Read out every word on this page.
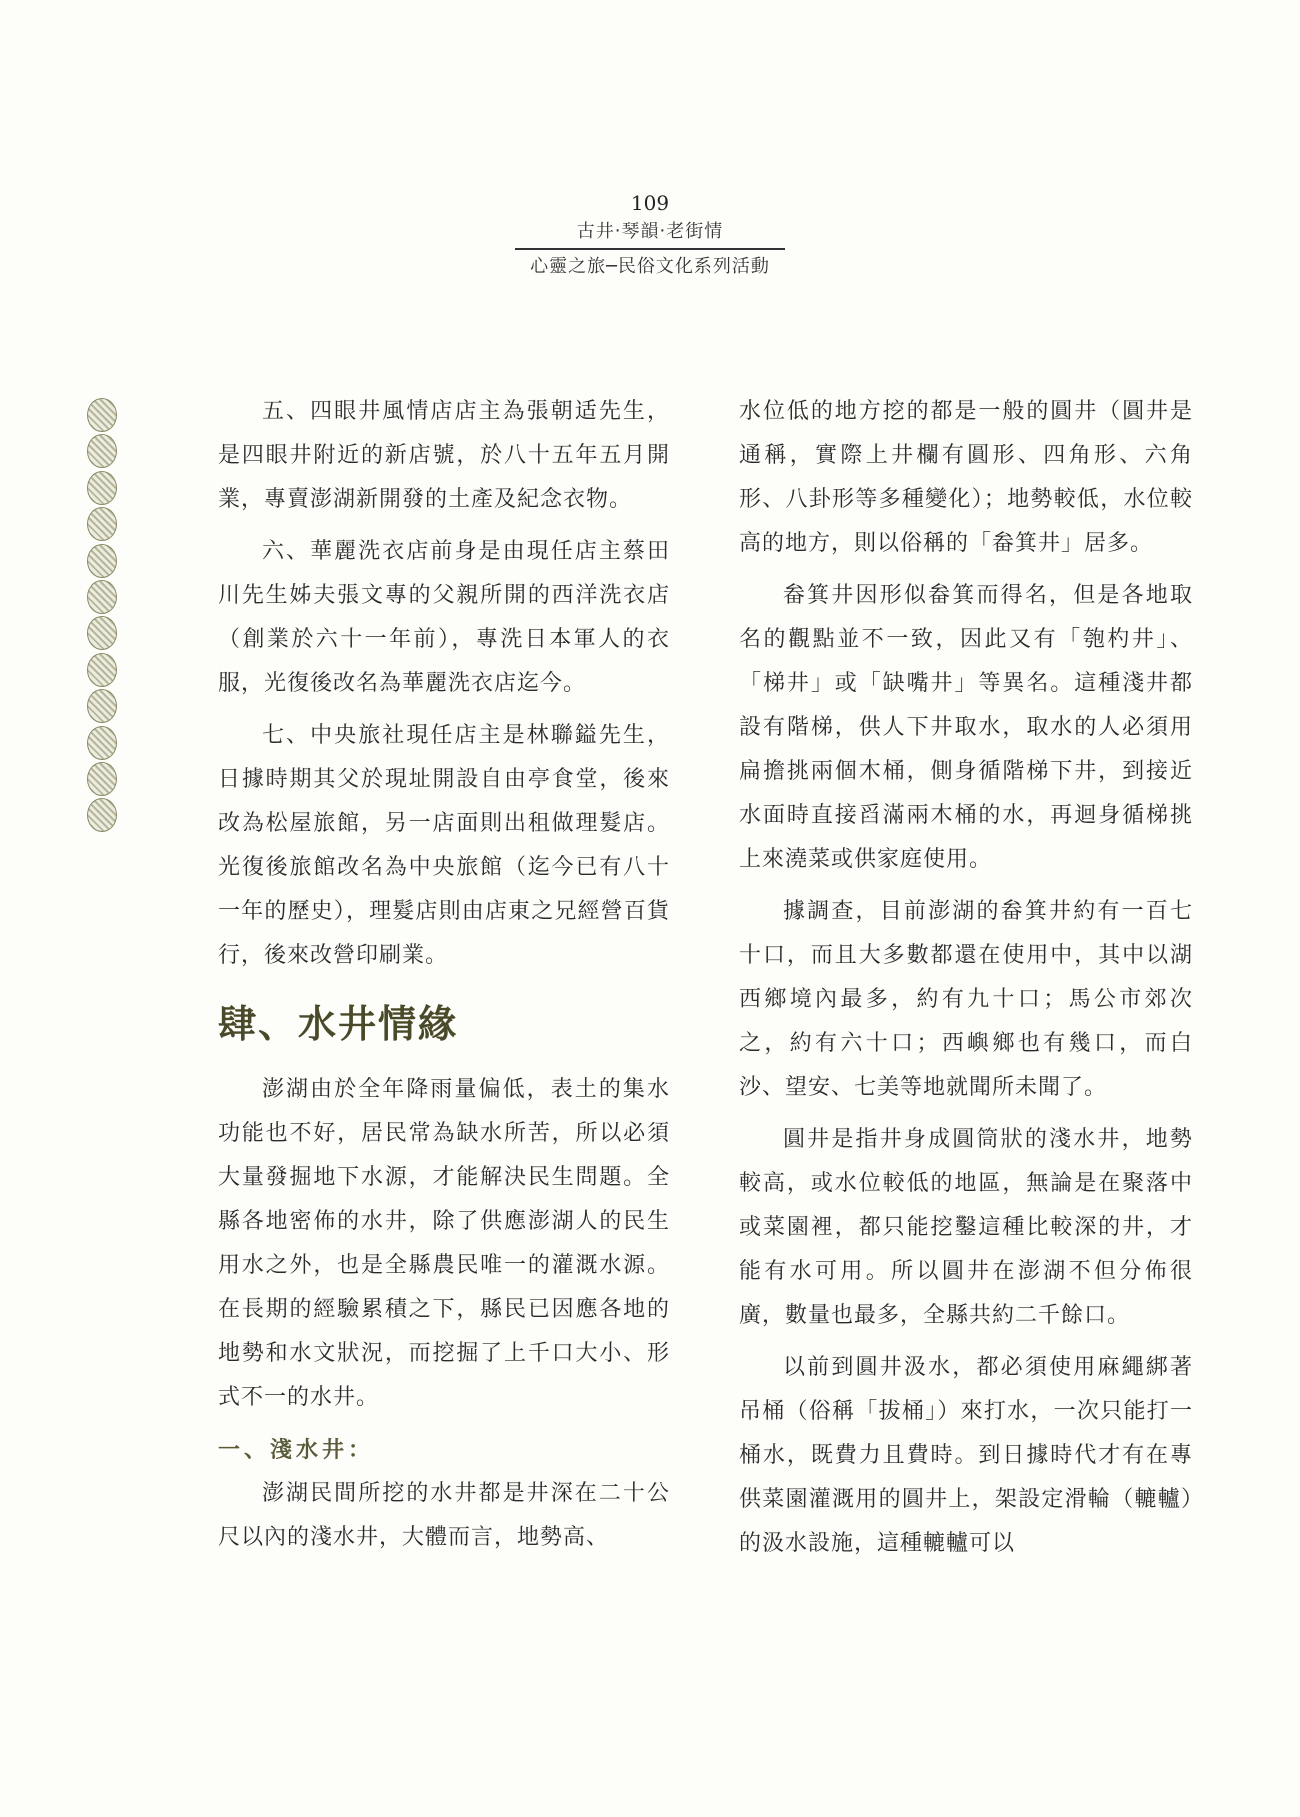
109
古井‧琴韻‧老街情
心靈之旅─民俗文化系列活動

五、四眼井風情店店主為張朝适先生，是四眼井附近的新店號，於八十五年五月開業，專賣澎湖新開發的土產及紀念衣物。

六、華麗洗衣店前身是由現任店主蔡田川先生姊夫張文專的父親所開的西洋洗衣店（創業於六十一年前），專洗日本軍人的衣服，光復後改名為華麗洗衣店迄今。

七、中央旅社現任店主是林聯鎰先生，日據時期其父於現址開設自由亭食堂，後來改為松屋旅館，另一店面則出租做理髮店。光復後旅館改名為中央旅館（迄今已有八十一年的歷史），理髮店則由店東之兄經營百貨行，後來改營印刷業。

肆、水井情緣

澎湖由於全年降雨量偏低，表土的集水功能也不好，居民常為缺水所苦，所以必須大量發掘地下水源，才能解決民生問題。全縣各地密佈的水井，除了供應澎湖人的民生用水之外，也是全縣農民唯一的灌溉水源。在長期的經驗累積之下，縣民已因應各地的地勢和水文狀況，而挖掘了上千口大小、形式不一的水井。

一、淺水井：

澎湖民間所挖的水井都是井深在二十公尺以內的淺水井，大體而言，地勢高、

水位低的地方挖的都是一般的圓井（圓井是通稱，實際上井欄有圓形、四角形、六角形、八卦形等多種變化）；地勢較低，水位較高的地方，則以俗稱的「畚箕井」居多。

畚箕井因形似畚箕而得名，但是各地取名的觀點並不一致，因此又有「匏杓井」、「梯井」或「缺嘴井」等異名。這種淺井都設有階梯，供人下井取水，取水的人必須用扁擔挑兩個木桶，側身循階梯下井，到接近水面時直接舀滿兩木桶的水，再迴身循梯挑上來澆菜或供家庭使用。

據調查，目前澎湖的畚箕井約有一百七十口，而且大多數都還在使用中，其中以湖西鄉境內最多，約有九十口；馬公市郊次之，約有六十口；西嶼鄉也有幾口，而白沙、望安、七美等地就聞所未聞了。

圓井是指井身成圓筒狀的淺水井，地勢較高，或水位較低的地區，無論是在聚落中或菜園裡，都只能挖鑿這種比較深的井，才能有水可用。所以圓井在澎湖不但分佈很廣，數量也最多，全縣共約二千餘口。

以前到圓井汲水，都必須使用麻繩綁著吊桶（俗稱「拔桶」）來打水，一次只能打一桶水，既費力且費時。到日據時代才有在專供菜園灌溉用的圓井上，架設定滑輪（轆轤）的汲水設施，這種轆轤可以
